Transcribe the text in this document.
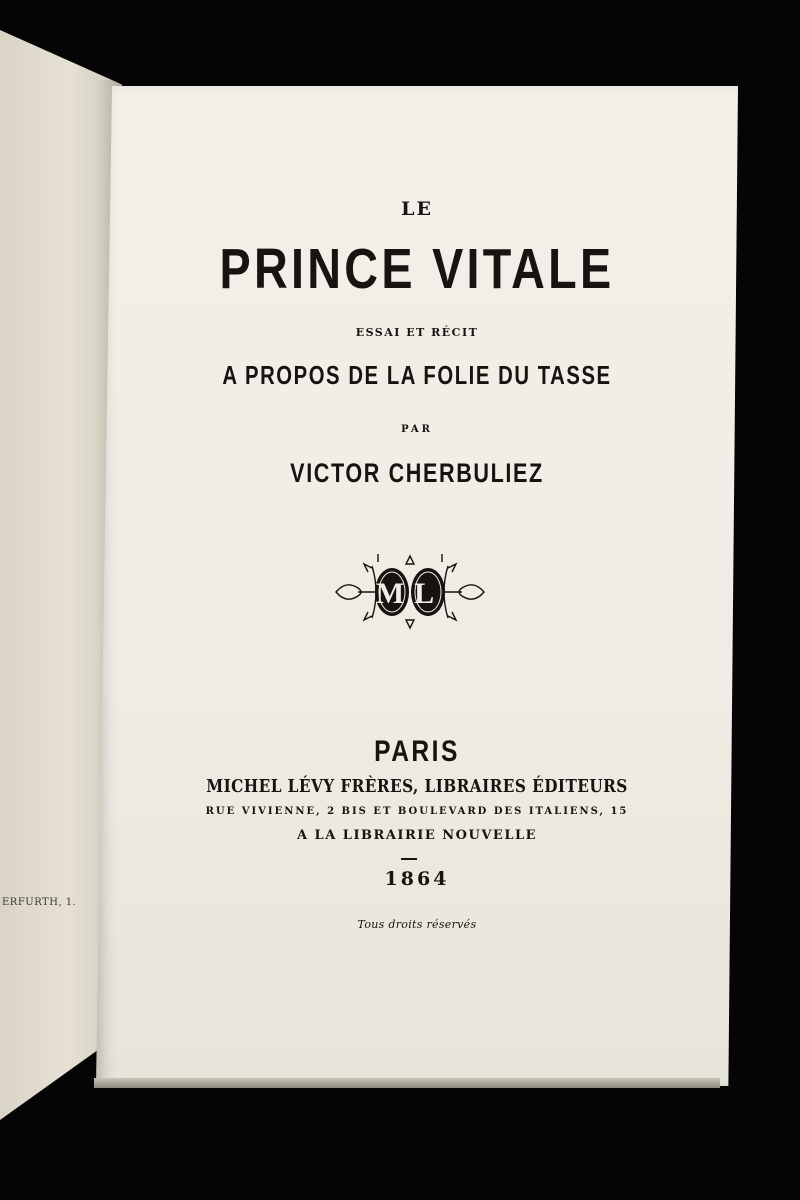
ERFURTH, 1.
LE
PRINCE VITALE
ESSAI ET RÉCIT
A PROPOS DE LA FOLIE DU TASSE
PAR
VICTOR CHERBULIEZ
ML
PARIS
MICHEL LÉVY FRÈRES, LIBRAIRES ÉDITEURS
RUE VIVIENNE, 2 BIS ET BOULEVARD DES ITALIENS, 15
A LA LIBRAIRIE NOUVELLE
1864
Tous droits réservés
